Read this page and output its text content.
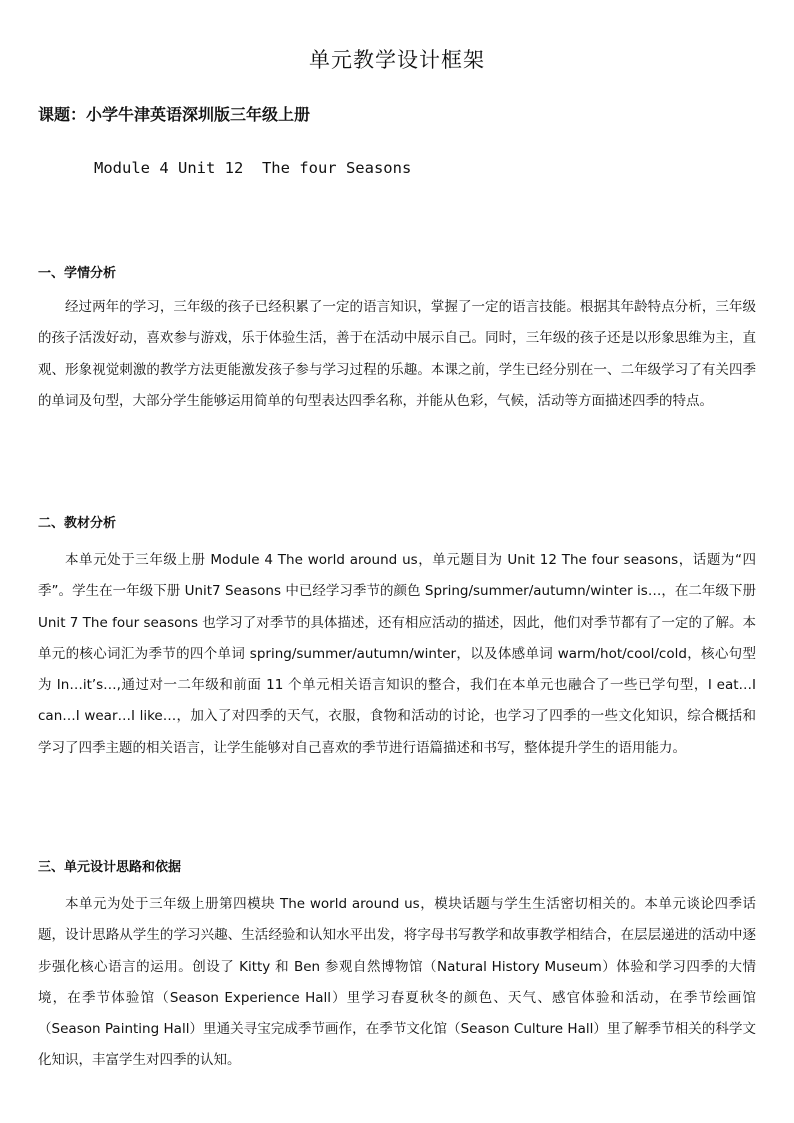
单元教学设计框架
课题：小学牛津英语深圳版三年级上册
Module 4 Unit 12  The four Seasons
一、学情分析
经过两年的学习，三年级的孩子已经积累了一定的语言知识，掌握了一定的语言技能。根据其年龄特点分析，三年级的孩子活泼好动，喜欢参与游戏，乐于体验生活，善于在活动中展示自己。同时，三年级的孩子还是以形象思维为主，直观、形象视觉刺激的教学方法更能激发孩子参与学习过程的乐趣。本课之前，学生已经分别在一、二年级学习了有关四季的单词及句型，大部分学生能够运用简单的句型表达四季名称，并能从色彩，气候，活动等方面描述四季的特点。
二、教材分析
本单元处于三年级上册 Module 4 The world around us，单元题目为 Unit 12 The four seasons，话题为“四季”。学生在一年级下册 Unit7 Seasons 中已经学习季节的颜色 Spring/summer/autumn/winter is…，在二年级下册 Unit 7 The four seasons 也学习了对季节的具体描述，还有相应活动的描述，因此，他们对季节都有了一定的了解。本单元的核心词汇为季节的四个单词 spring/summer/autumn/winter，以及体感单词 warm/hot/cool/cold，核心句型为 In…it’s…,通过对一二年级和前面 11 个单元相关语言知识的整合，我们在本单元也融合了一些已学句型，I eat…I can…I wear…I like…，加入了对四季的天气，衣服，食物和活动的讨论，也学习了四季的一些文化知识，综合概括和学习了四季主题的相关语言，让学生能够对自己喜欢的季节进行语篇描述和书写，整体提升学生的语用能力。
三、单元设计思路和依据
本单元为处于三年级上册第四模块 The world around us，模块话题与学生生活密切相关的。本单元谈论四季话题，设计思路从学生的学习兴趣、生活经验和认知水平出发，将字母书写教学和故事教学相结合，在层层递进的活动中逐步强化核心语言的运用。创设了 Kitty 和 Ben 参观自然博物馆（Natural History Museum）体验和学习四季的大情境，在季节体验馆（Season Experience Hall）里学习春夏秋冬的颜色、天气、感官体验和活动，在季节绘画馆（Season Painting Hall）里通关寻宝完成季节画作，在季节文化馆（Season Culture Hall）里了解季节相关的科学文化知识，丰富学生对四季的认知。
